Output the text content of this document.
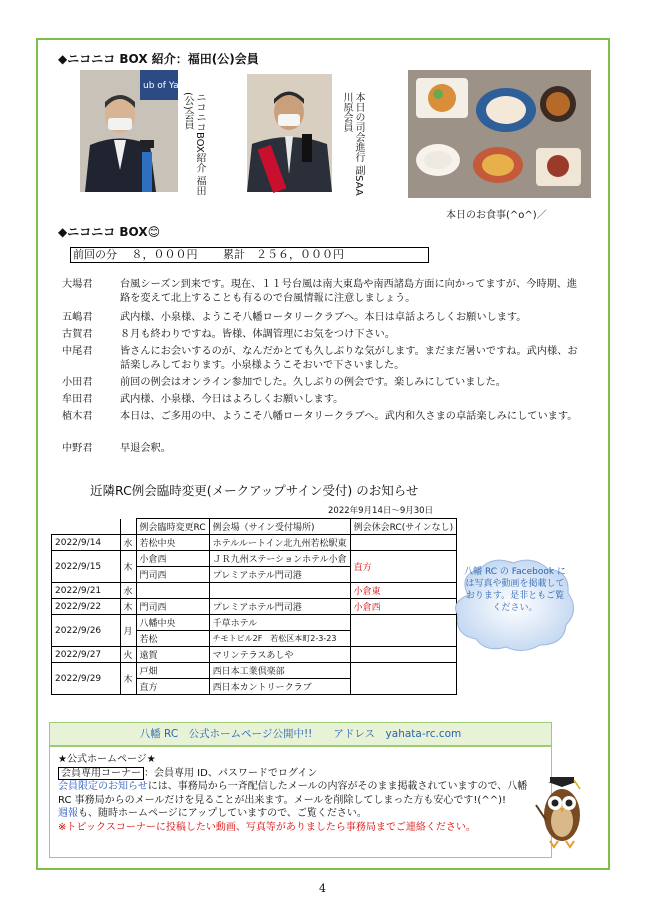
◆ニコニコ BOX 紹介：福田(公)会員
ub of Yahata
ニコニコBOX紹介 福田(公)会員	本日の司会進行 副SAA 川原会員
本日のお食事(^o^)／
◆ニコニコ BOX😊
前回の分　 ８，０００円　　 累計　２５６，０００円
大場君	台風シーズン到来です。現在、１１号台風は南大東島や南西諸島方面に向かってますが、今時期、進路を変えて北上することも有るので台風情報に注意しましょう。
五嶋君	武内様、小泉様、ようこそ八幡ロータリークラブへ。本日は卓話よろしくお願いします。
古賀君	８月も終わりですね。皆様、体調管理にお気をつけ下さい。
中尾君	皆さんにお会いするのが、なんだかとても久しぶりな気がします。まだまだ暑いですね。武内様、お話楽しみしております。小泉様ようこそおいで下さいました。
小田君	前回の例会はオンライン参加でした。久しぶりの例会です。楽しみにしていました。
牟田君	武内様、小泉様、今日はよろしくお願いします。
植木君	本日は、ご多用の中、ようこそ八幡ロータリークラブへ。武内和久さまの卓話楽しみにしています。
中野君	早退会釈。
近隣RC例会臨時変更(メークアップサイン受付) のお知らせ
2022年9月14日～9月30日
		例会臨時変更RC	例会場（サイン受付場所)	例会休会RC(サインなし)
2022/9/14	水	若松中央	ホテルルートイン北九州若松駅東	
2022/9/15	木	小倉西	ＪＲ九州ステーションホテル小倉	直方
		門司西	プレミアホテル門司港	
2022/9/21	水			小倉東
2022/9/22	木	門司西	プレミアホテル門司港	小倉西
2022/9/26	月	八幡中央	千草ホテル	
		若松	チモトビル2F　若松区本町2-3-23	
2022/9/27	火	遠賀	マリンテラスあしや	
2022/9/29	木	戸畑	西日本工業倶楽部	
		直方	西日本カントリークラブ	
八幡 RC の Facebook には写真や動画を掲載しております。是非ともご覧ください。
八幡 RC　公式ホームページ公開中!!　　アドレス　yahata-rc.com
★公式ホームページ★
会員専用コーナー ：会員専用 ID、パスワードでログイン
会員限定のお知らせには、事務局から一斉配信したメールの内容がそのまま掲載されていますので、八幡 RC 事務局からのメールだけを見ることが出来ます。メールを削除してしまった方も安心です!(^^)!
週報も、随時ホームページにアップしていますので、ご覧ください。
※トピックスコーナーに投稿したい動画、写真等がありましたら事務局までご連絡ください。
4
